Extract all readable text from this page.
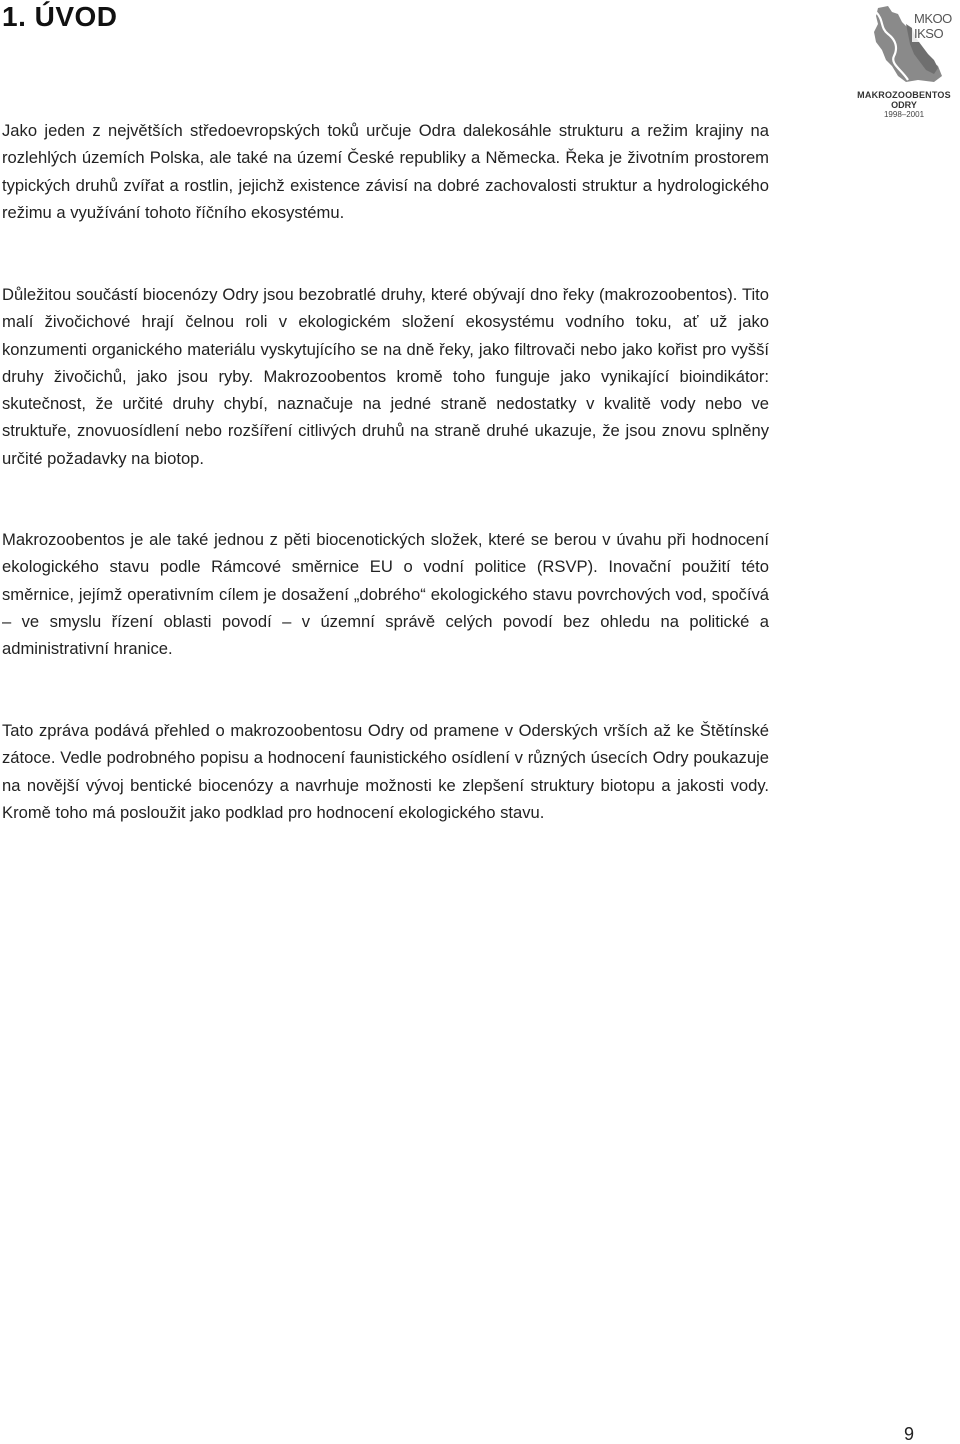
1. ÚVOD	MKOO
IKSO
MAKROZOOBENTOS
ODRY
1998–2001

Jako jeden z největších středoevropských toků určuje Odra dalekosáhle strukturu a režim krajiny na rozlehlých územích Polska, ale také na území České republiky a Německa. Řeka je životním prostorem typických druhů zvířat a rostlin, jejichž existence závisí na dobré zachovalosti struktur a hydrologického režimu a využívání tohoto říčního ekosystému.

Důležitou součástí biocenózy Odry jsou bezobratlé druhy, které obývají dno řeky (makrozoobentos). Tito malí živočichové hrají čelnou roli v ekologickém složení ekosystému vodního toku, ať už jako konzumenti organického materiálu vyskytujícího se na dně řeky, jako filtrovači nebo jako kořist pro vyšší druhy živočichů, jako jsou ryby. Makrozoobentos kromě toho funguje jako vynikající bioindikátor: skutečnost, že určité druhy chybí, naznačuje na jedné straně nedostatky v kvalitě vody nebo ve struktuře, znovuosídlení nebo rozšíření citlivých druhů na straně druhé ukazuje, že jsou znovu splněny určité požadavky na biotop.

Makrozoobentos je ale také jednou z pěti biocenotických složek, které se berou v úvahu při hodnocení ekologického stavu podle Rámcové směrnice EU o vodní politice (RSVP). Inovační použití této směrnice, jejímž operativním cílem je dosažení „dobrého“ ekologického stavu povrchových vod, spočívá – ve smyslu řízení oblasti povodí – v územní správě celých povodí bez ohledu na politické a administrativní hranice.

Tato zpráva podává přehled o makrozoobentosu Odry od pramene v Oderských vrších až ke Štětínské zátoce. Vedle podrobného popisu a hodnocení faunistického osídlení v různých úsecích Odry poukazuje na novější vývoj bentické biocenózy a navrhuje možnosti ke zlepšení struktury biotopu a jakosti vody. Kromě toho má posloužit jako podklad pro hodnocení ekologického stavu.

9
